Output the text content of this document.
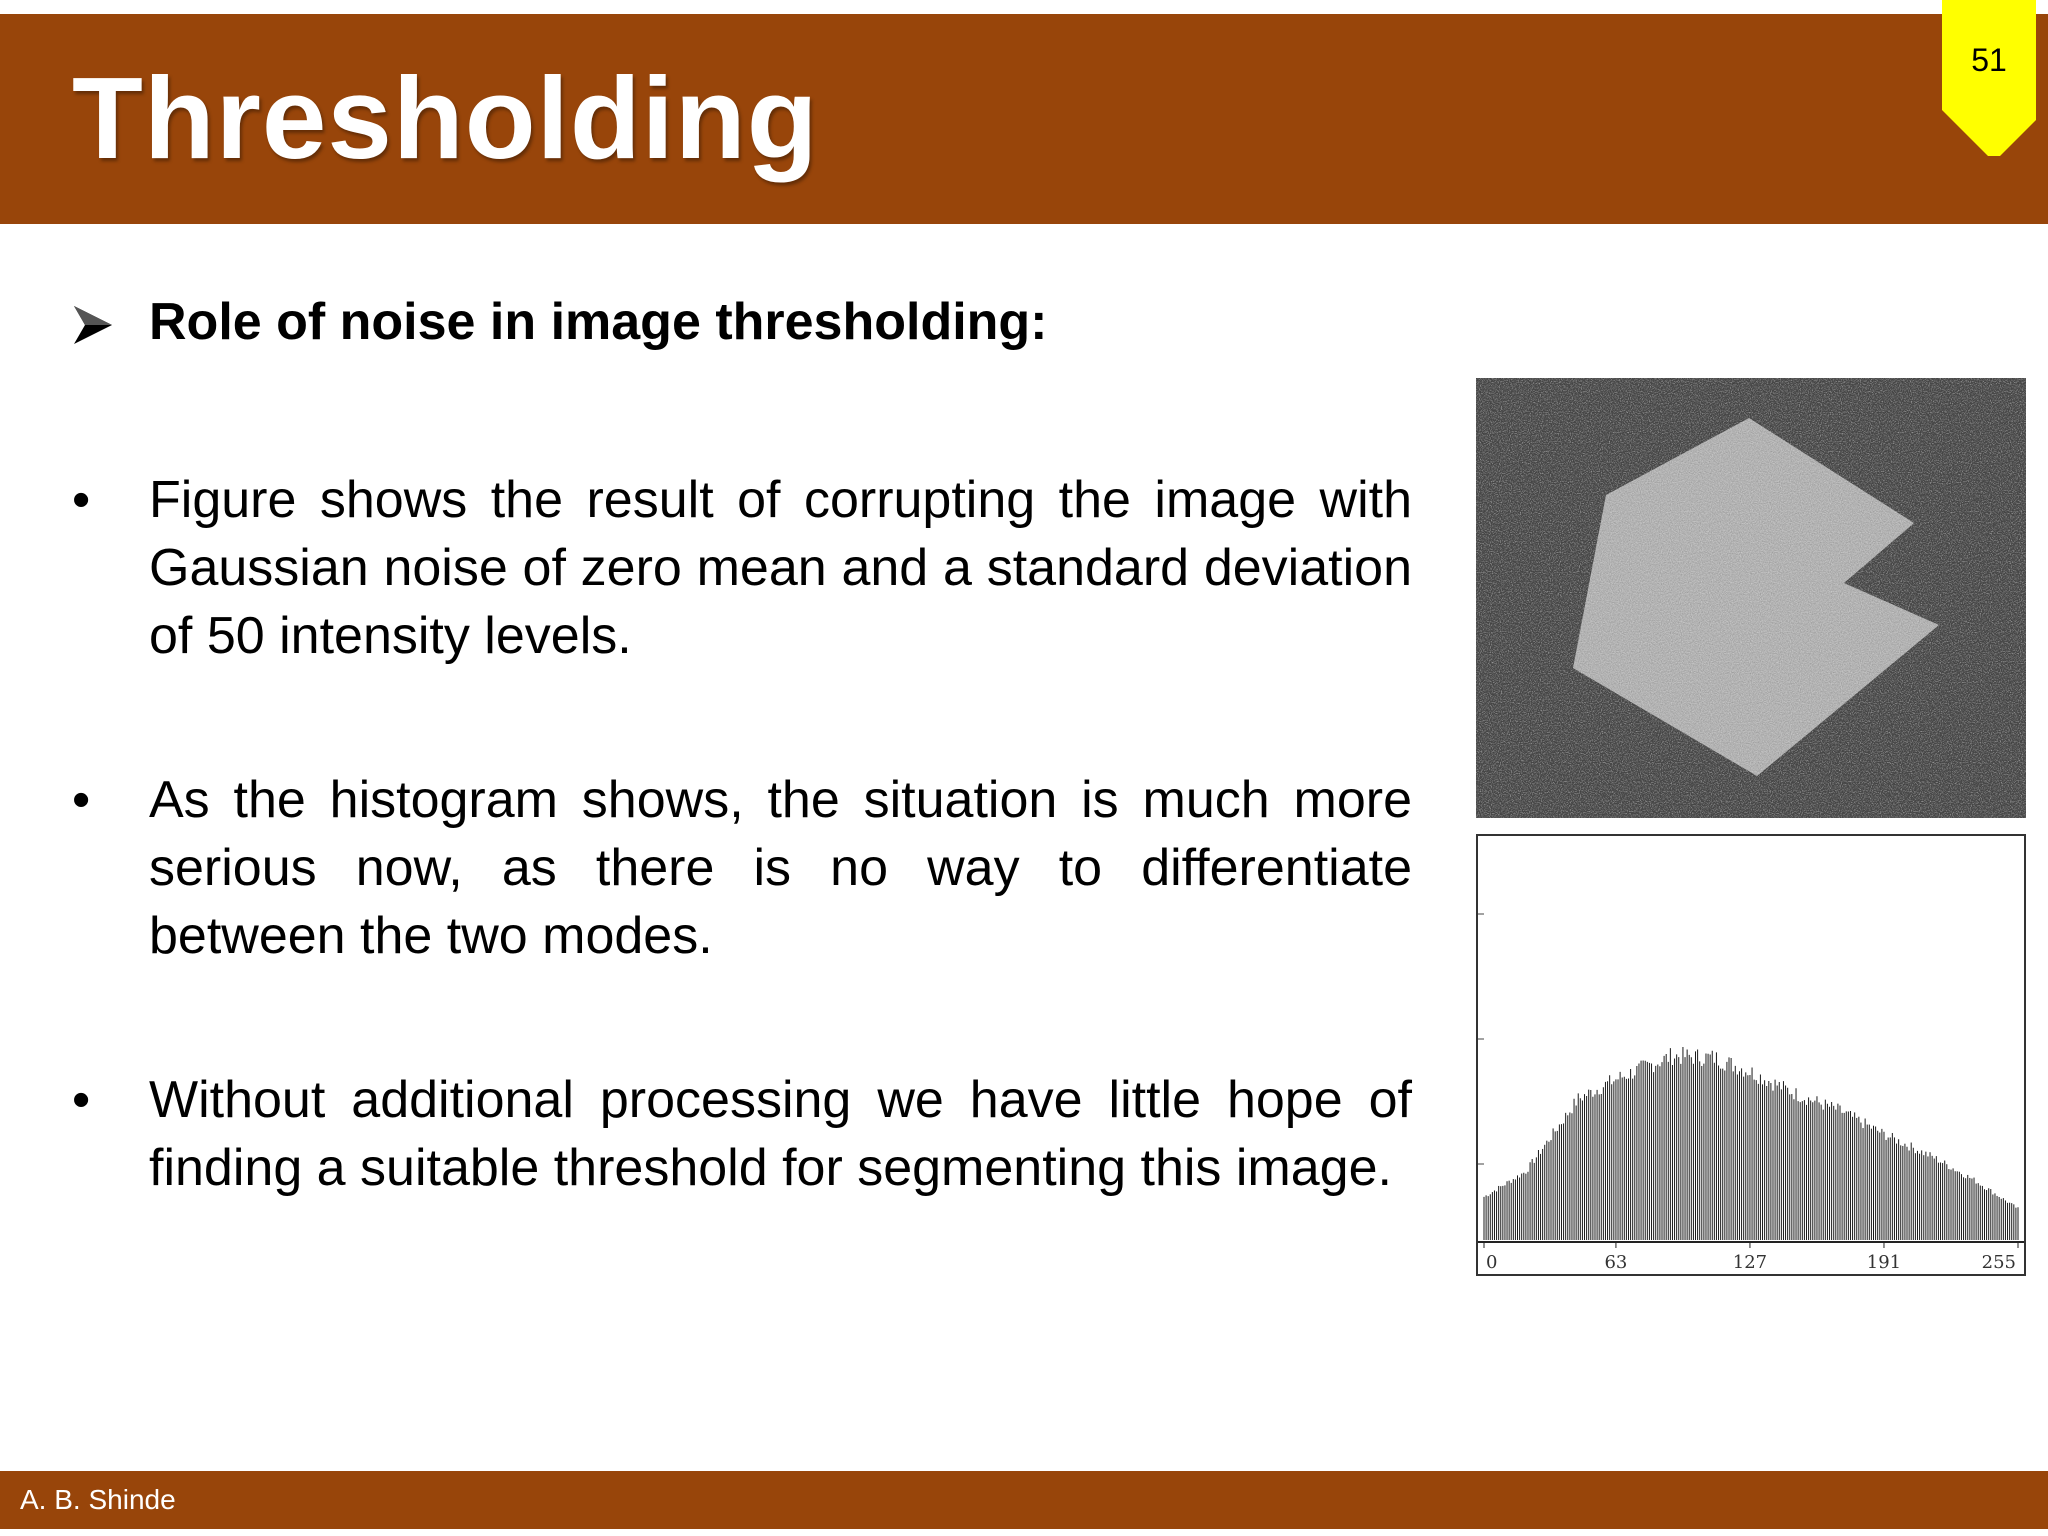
Thresholding	51
Role of noise in image thresholding:
•	Figure shows the result of corrupting the image with Gaussian noise of zero mean and a standard deviation of 50 intensity levels.
•	As the histogram shows, the situation is much more serious now, as there is no way to differentiate between the two modes.
•	Without additional processing we have little hope of finding a suitable threshold for segmenting this image.
0	63	127	191	255
A. B. Shinde
